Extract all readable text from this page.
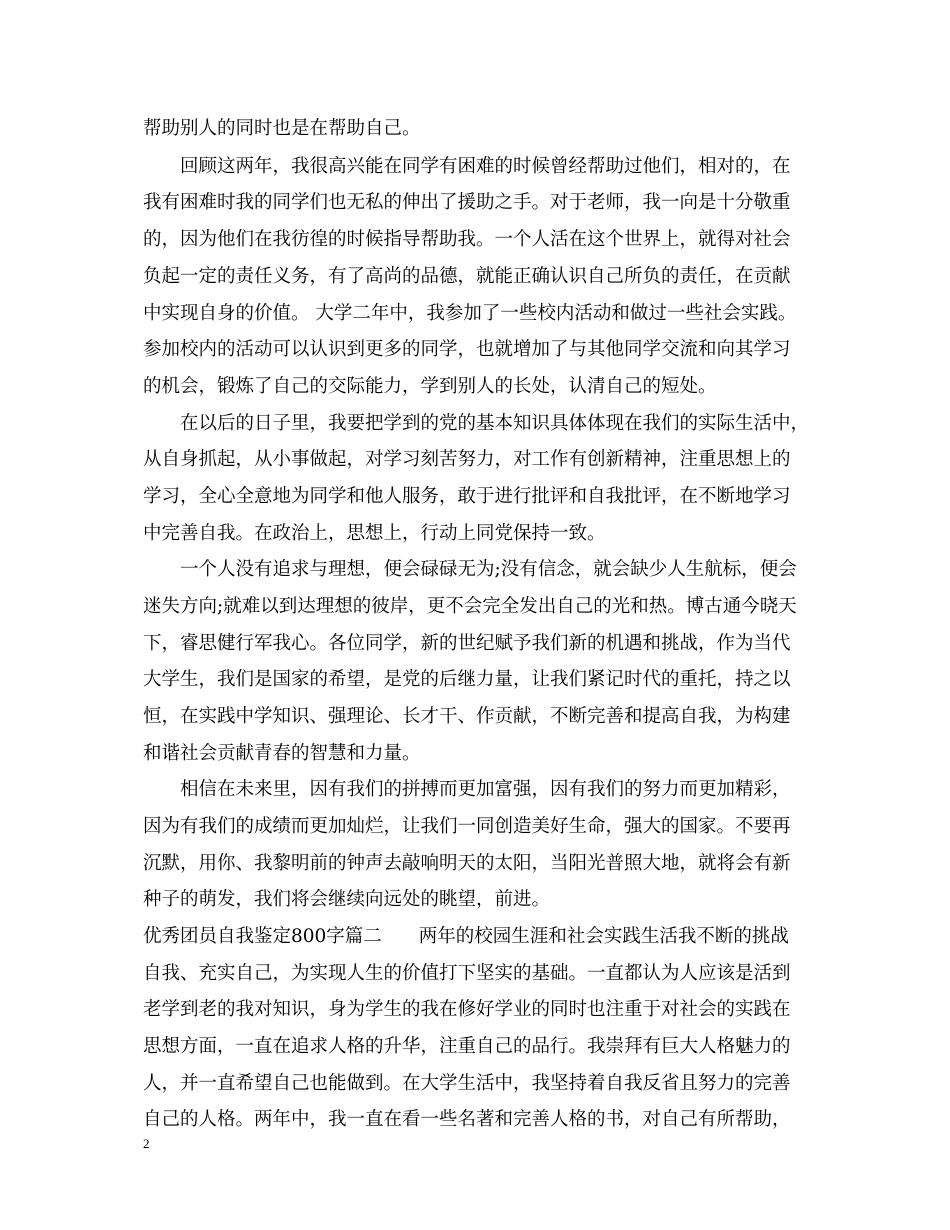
帮助别人的同时也是在帮助自己。
回顾这两年，我很高兴能在同学有困难的时候曾经帮助过他们，相对的，在
我有困难时我的同学们也无私的伸出了援助之手。对于老师，我一向是十分敬重
的，因为他们在我彷徨的时候指导帮助我。一个人活在这个世界上，就得对社会
负起一定的责任义务，有了高尚的品德，就能正确认识自己所负的责任，在贡献
中实现自身的价值。 大学二年中，我参加了一些校内活动和做过一些社会实践。
参加校内的活动可以认识到更多的同学，也就增加了与其他同学交流和向其学习
的机会，锻炼了自己的交际能力，学到别人的长处，认清自己的短处。
在以后的日子里，我要把学到的党的基本知识具体体现在我们的实际生活中，
从自身抓起，从小事做起，对学习刻苦努力，对工作有创新精神，注重思想上的
学习，全心全意地为同学和他人服务，敢于进行批评和自我批评，在不断地学习
中完善自我。在政治上，思想上，行动上同党保持一致。
一个人没有追求与理想，便会碌碌无为;没有信念，就会缺少人生航标，便会
迷失方向;就难以到达理想的彼岸，更不会完全发出自己的光和热。博古通今晓天
下，睿思健行军我心。各位同学，新的世纪赋予我们新的机遇和挑战，作为当代
大学生，我们是国家的希望，是党的后继力量，让我们紧记时代的重托，持之以
恒，在实践中学知识、强理论、长才干、作贡献，不断完善和提高自我，为构建
和谐社会贡献青春的智慧和力量。
相信在未来里，因有我们的拼搏而更加富强，因有我们的努力而更加精彩，
因为有我们的成绩而更加灿烂，让我们一同创造美好生命，强大的国家。不要再
沉默，用你、我黎明前的钟声去敲响明天的太阳，当阳光普照大地，就将会有新
种子的萌发，我们将会继续向远处的眺望，前进。
优秀团员自我鉴定800字篇二　　两年的校园生涯和社会实践生活我不断的挑战
自我、充实自己，为实现人生的价值打下坚实的基础。一直都认为人应该是活到
老学到老的我对知识，身为学生的我在修好学业的同时也注重于对社会的实践在
思想方面，一直在追求人格的升华，注重自己的品行。我崇拜有巨大人格魅力的
人，并一直希望自己也能做到。在大学生活中，我坚持着自我反省且努力的完善
自己的人格。两年中，我一直在看一些名著和完善人格的书，对自己有所帮助，
2
